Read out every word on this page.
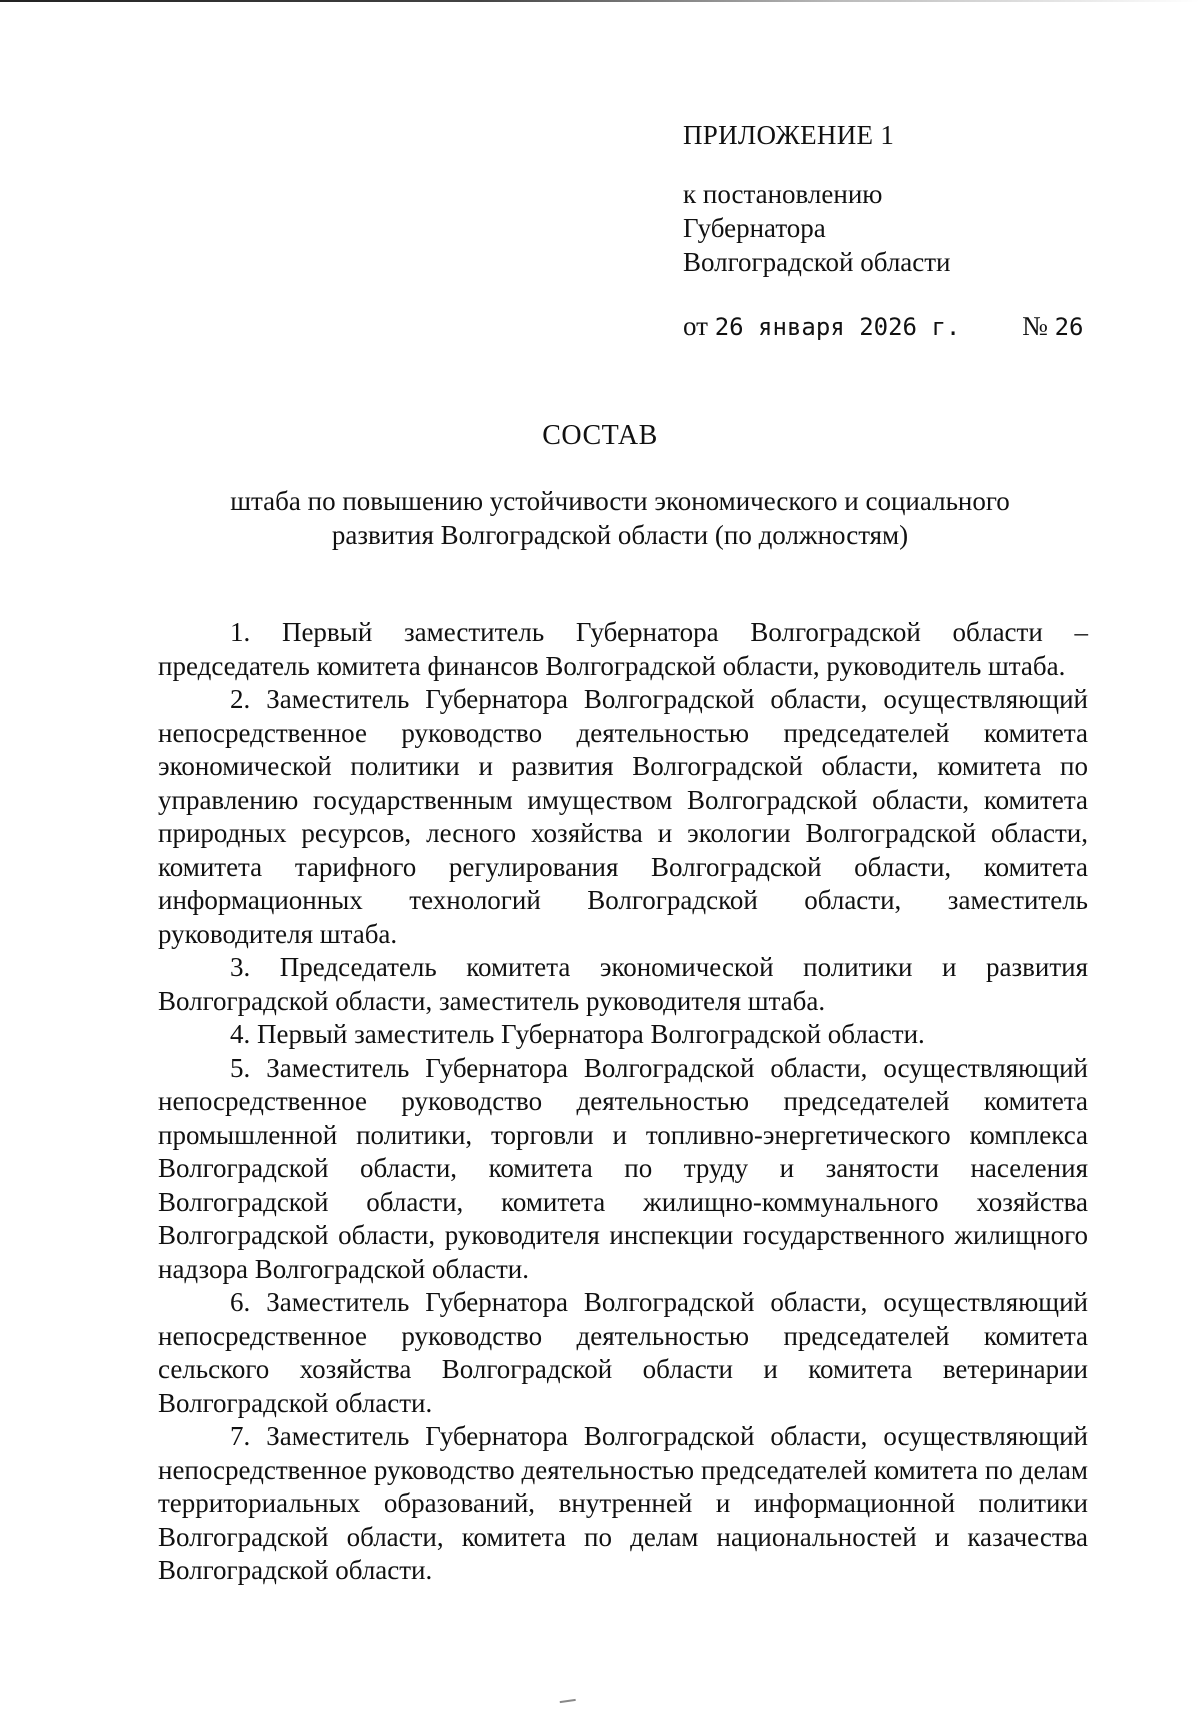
ПРИЛОЖЕНИЕ 1

к постановлению

Губернатора

Волгоградской области

от 26 января 2026 г. № 26
СОСТАВ
штаба по повышению устойчивости экономического и социального
развития Волгоградской области (по должностям)
1. Первый заместитель Губернатора Волгоградской области – председатель комитета финансов Волгоградской области, руководитель штаба.
2. Заместитель Губернатора Волгоградской области, осуществляющий непосредственное руководство деятельностью председателей комитета экономической политики и развития Волгоградской области, комитета по управлению государственным имуществом Волгоградской области, комитета природных ресурсов, лесного хозяйства и экологии Волгоградской области, комитета тарифного регулирования Волгоградской области, комитета информационных технологий Волгоградской области, заместитель руководителя штаба.
3. Председатель комитета экономической политики и развития Волгоградской области, заместитель руководителя штаба.
4. Первый заместитель Губернатора Волгоградской области.
5. Заместитель Губернатора Волгоградской области, осуществляющий непосредственное руководство деятельностью председателей комитета промышленной политики, торговли и топливно-энергетического комплекса Волгоградской области, комитета по труду и занятости населения Волгоградской области, комитета жилищно-коммунального хозяйства Волгоградской области, руководителя инспекции государственного жилищного надзора Волгоградской области.
6. Заместитель Губернатора Волгоградской области, осуществляющий непосредственное руководство деятельностью председателей комитета сельского хозяйства Волгоградской области и комитета ветеринарии Волгоградской области.
7. Заместитель Губернатора Волгоградской области, осуществляющий непосредственное руководство деятельностью председателей комитета по делам территориальных образований, внутренней и информационной политики Волгоградской области, комитета по делам национальностей и казачества Волгоградской области.
